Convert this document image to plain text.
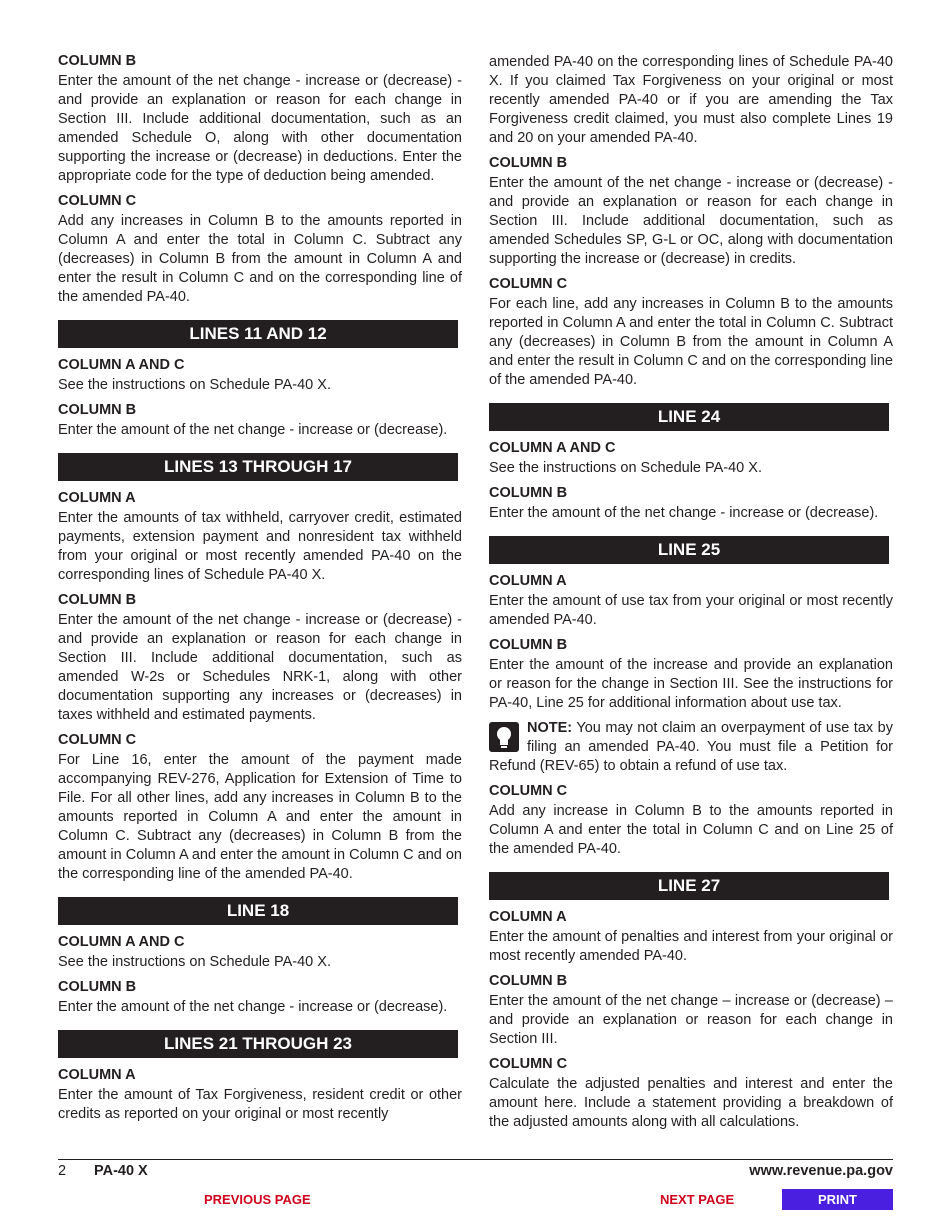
COLUMN B

Enter the amount of the net change - increase or (decrease) - and provide an explanation or reason for each change in Section III. Include additional documentation, such as an amended Schedule O, along with other documentation supporting the increase or (decrease) in deductions. Enter the appropriate code for the type of deduction being amended.

COLUMN C

Add any increases in Column B to the amounts reported in Column A and enter the total in Column C. Subtract any (decreases) in Column B from the amount in Column A and enter the result in Column C and on the corresponding line of the amended PA-40.

LINES 11 AND 12
COLUMN A AND C

See the instructions on Schedule PA-40 X.

COLUMN B

Enter the amount of the net change - increase or (decrease).

LINES 13 THROUGH 17
COLUMN A

Enter the amounts of tax withheld, carryover credit, estimated payments, extension payment and nonresident tax withheld from your original or most recently amended PA-40 on the corresponding lines of Schedule PA-40 X.

COLUMN B

Enter the amount of the net change - increase or (decrease) - and provide an explanation or reason for each change in Section III. Include additional documentation, such as amended W-2s or Schedules NRK-1, along with other documentation supporting any increases or (decreases) in taxes withheld and estimated payments.

COLUMN C

For Line 16, enter the amount of the payment made accompanying REV-276, Application for Extension of Time to File. For all other lines, add any increases in Column B to the amounts reported in Column A and enter the amount in Column C. Subtract any (decreases) in Column B from the amount in Column A and enter the amount in Column C and on the corresponding line of the amended PA-40.

LINE 18
COLUMN A AND C

See the instructions on Schedule PA-40 X.

COLUMN B

Enter the amount of the net change - increase or (decrease).

LINES 21 THROUGH 23
COLUMN A

Enter the amount of Tax Forgiveness, resident credit or other credits as reported on your original or most recently

amended PA-40 on the corresponding lines of Schedule PA-40 X. If you claimed Tax Forgiveness on your original or most recently amended PA-40 or if you are amending the Tax Forgiveness credit claimed, you must also complete Lines 19 and 20 on your amended PA-40.

COLUMN B

Enter the amount of the net change - increase or (decrease) - and provide an explanation or reason for each change in Section III. Include additional documentation, such as amended Schedules SP, G-L or OC, along with documentation supporting the increase or (decrease) in credits.

COLUMN C

For each line, add any increases in Column B to the amounts reported in Column A and enter the total in Column C. Subtract any (decreases) in Column B from the amount in Column A and enter the result in Column C and on the corresponding line of the amended PA-40.

LINE 24
COLUMN A AND C

See the instructions on Schedule PA-40 X.

COLUMN B

Enter the amount of the net change - increase or (decrease).

LINE 25
COLUMN A

Enter the amount of use tax from your original or most recently amended PA-40.

COLUMN B

Enter the amount of the increase and provide an explanation or reason for the change in Section III. See the instructions for PA-40, Line 25 for additional information about use tax.

NOTE: You may not claim an overpayment of use tax by filing an amended PA-40. You must file a Petition for Refund (REV-65) to obtain a refund of use tax.
COLUMN C

Add any increase in Column B to the amounts reported in Column A and enter the total in Column C and on Line 25 of the amended PA-40.

LINE 27
COLUMN A

Enter the amount of penalties and interest from your original or most recently amended PA-40.

COLUMN B

Enter the amount of the net change – increase or (decrease) – and provide an explanation or reason for each change in Section III.

COLUMN C

Calculate the adjusted penalties and interest and enter the amount here. Include a statement providing a breakdown of the adjusted amounts along with all calculations.

2 PA-40 X	www.revenue.pa.gov
PREVIOUS PAGE	NEXT PAGE	PRINT
